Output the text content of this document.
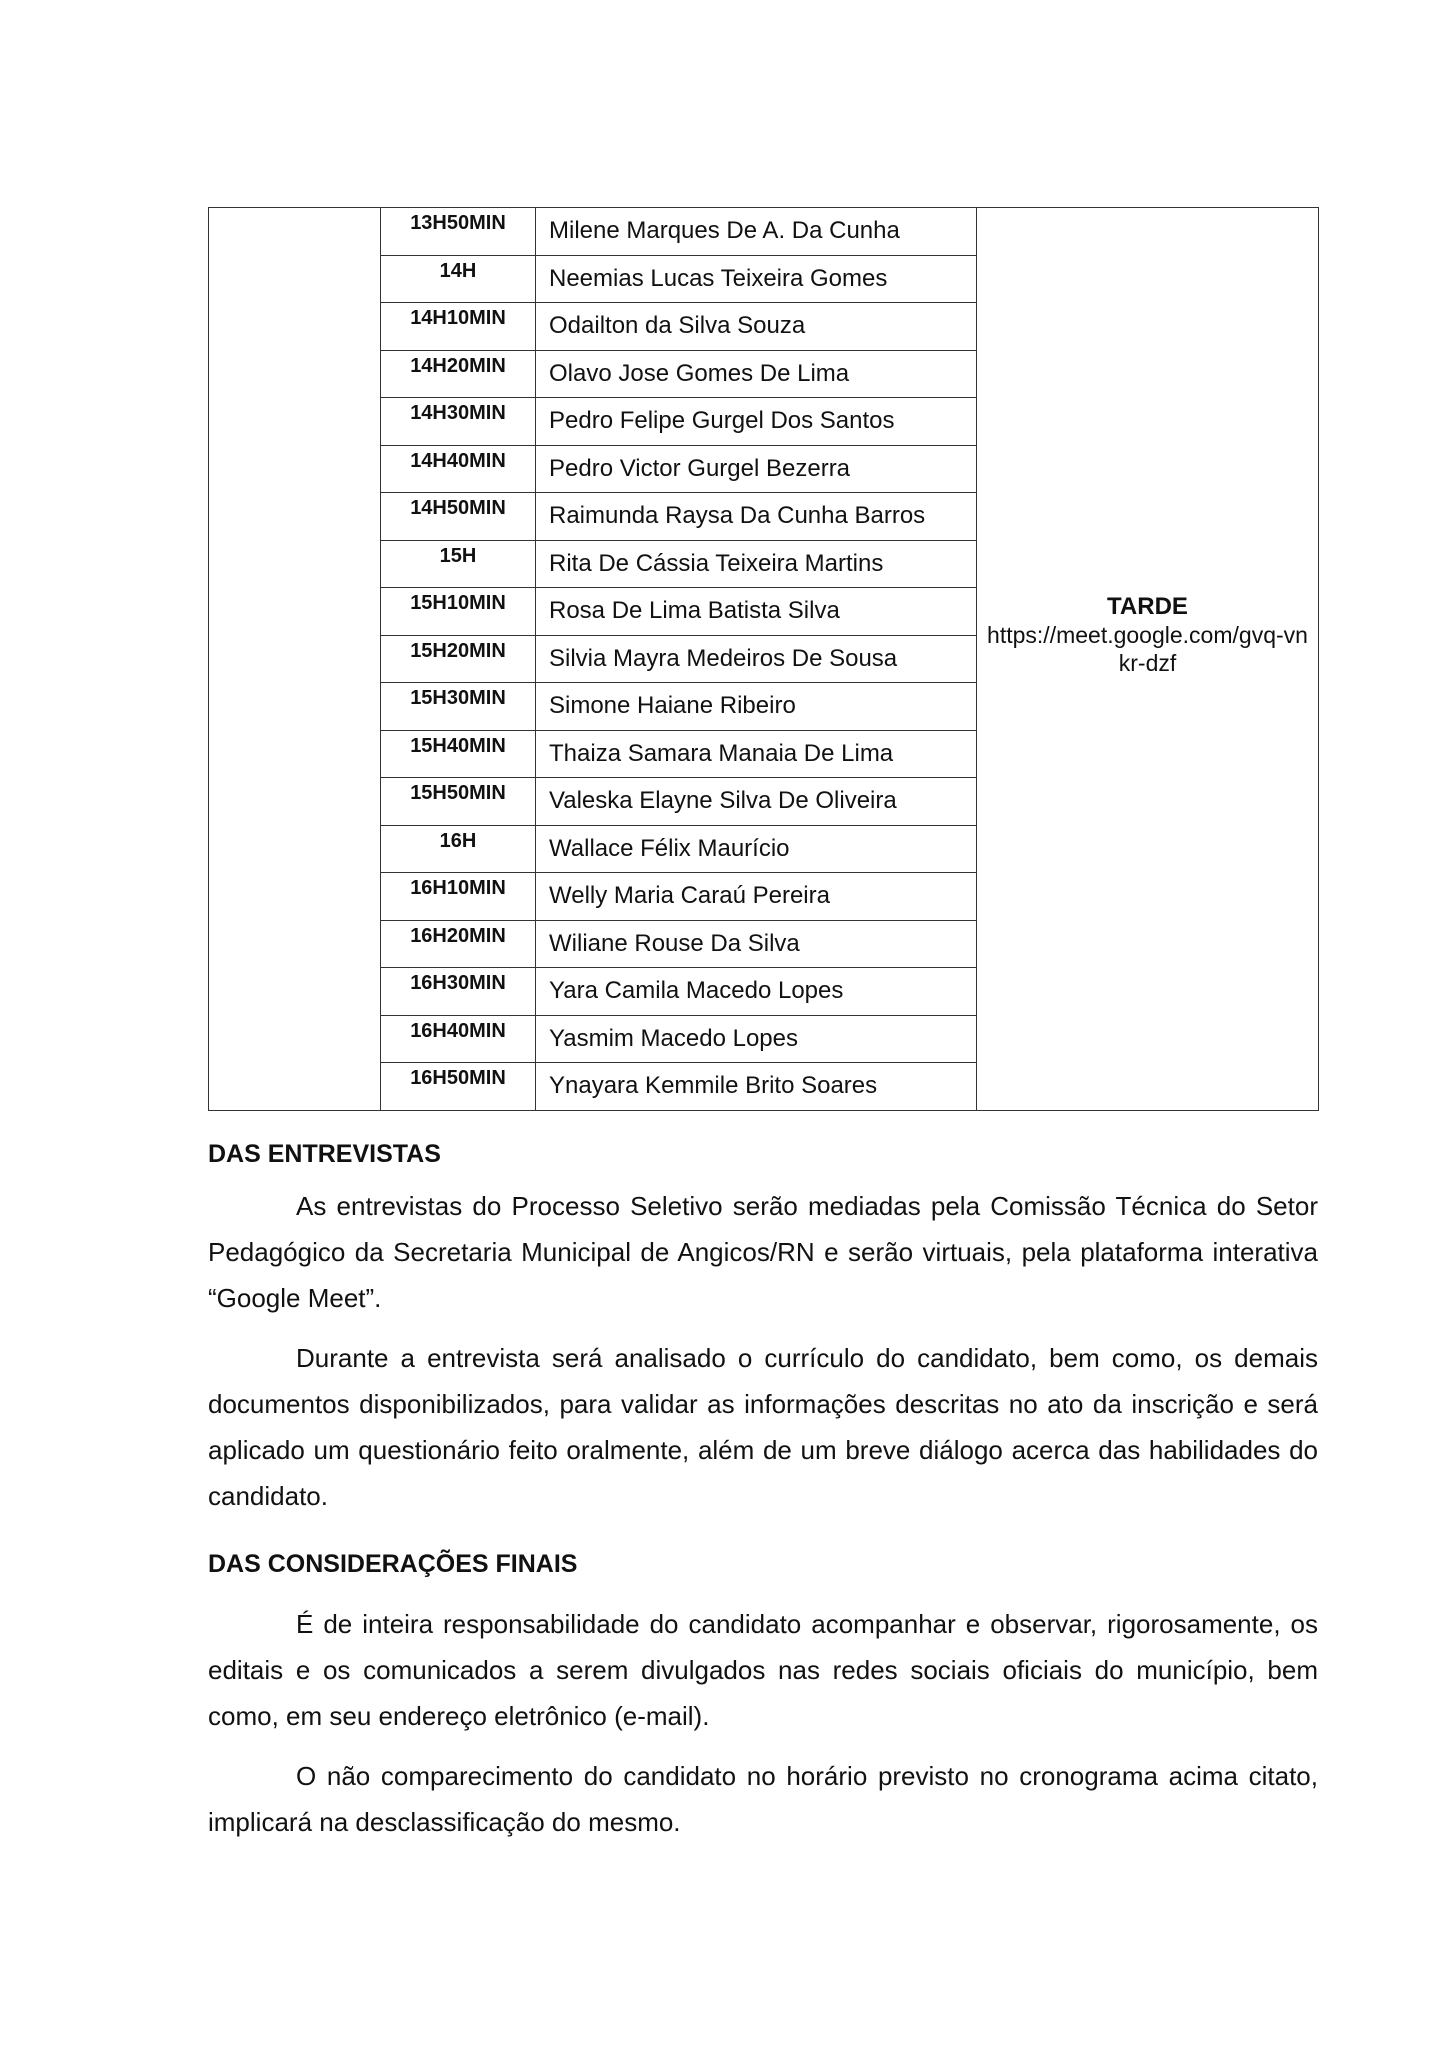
	13H50MIN	Milene Marques De A. Da Cunha	TARDE
https://meet.google.com/gvq-vnkr-dzf

	14H	Neemias Lucas Teixeira Gomes	
	14H10MIN	Odailton da Silva Souza	
	14H20MIN	Olavo Jose Gomes De Lima	
	14H30MIN	Pedro Felipe Gurgel Dos Santos	
	14H40MIN	Pedro Victor Gurgel Bezerra	
	14H50MIN	Raimunda Raysa Da Cunha Barros	
	15H	Rita De Cássia Teixeira Martins	
	15H10MIN	Rosa De Lima Batista Silva	
	15H20MIN	Silvia Mayra Medeiros De Sousa	
	15H30MIN	Simone Haiane Ribeiro	
	15H40MIN	Thaiza Samara Manaia De Lima	
	15H50MIN	Valeska Elayne Silva De Oliveira	
	16H	Wallace Félix Maurício	
	16H10MIN	Welly Maria Caraú Pereira	
	16H20MIN	Wiliane Rouse Da Silva	
	16H30MIN	Yara Camila Macedo Lopes	
	16H40MIN	Yasmim Macedo Lopes	
	16H50MIN	Ynayara Kemmile Brito Soares	
DAS ENTREVISTAS

As entrevistas do Processo Seletivo serão mediadas pela Comissão Técnica do Setor Pedagógico da Secretaria Municipal de Angicos/RN e serão virtuais, pela plataforma interativa “Google Meet”.

Durante a entrevista será analisado o currículo do candidato, bem como, os demais documentos disponibilizados, para validar as informações descritas no ato da inscrição e será aplicado um questionário feito oralmente, além de um breve diálogo acerca das habilidades do candidato.

DAS CONSIDERAÇÕES FINAIS

É de inteira responsabilidade do candidato acompanhar e observar, rigorosamente, os editais e os comunicados a serem divulgados nas redes sociais oficiais do município, bem como, em seu endereço eletrônico (e-mail).

O não comparecimento do candidato no horário previsto no cronograma acima citato, implicará na desclassificação do mesmo.
